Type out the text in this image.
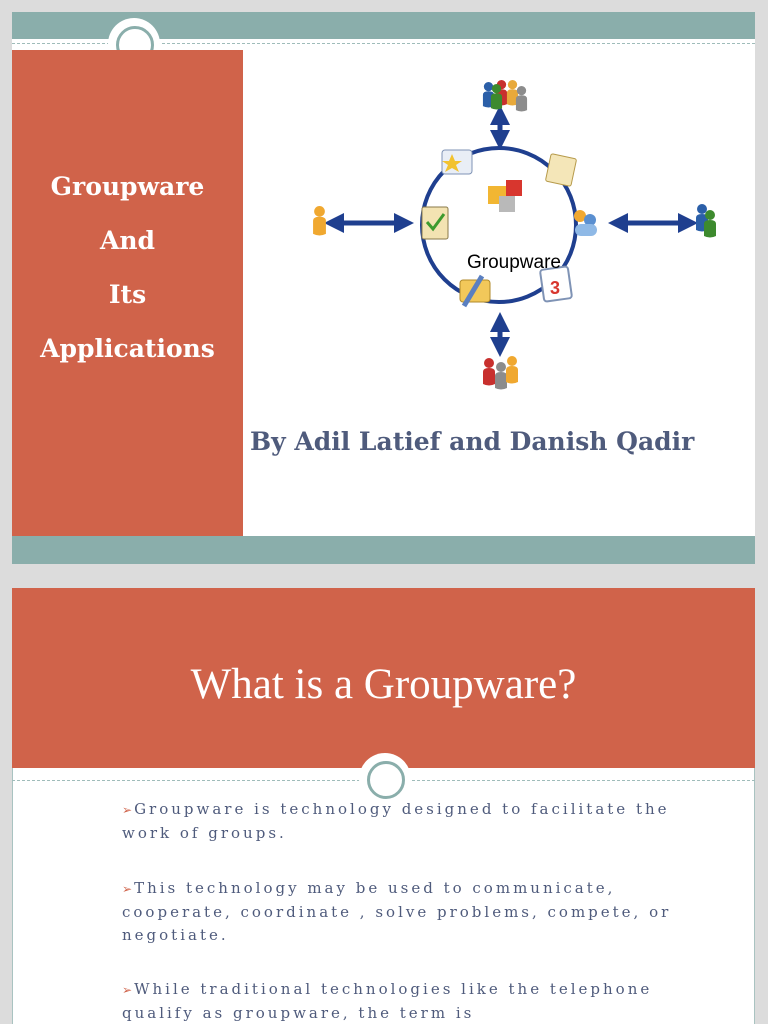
Groupware
And
Its
Applications
3
Groupware
By Adil Latief and Danish Qadir
What is a Groupware?
➢ Groupware is technology designed to facilitate the work of groups.
➢ This technology may be used to communicate, cooperate, coordinate , solve problems, compete, or negotiate.
➢ While traditional technologies like the telephone qualify as groupware, the term is
